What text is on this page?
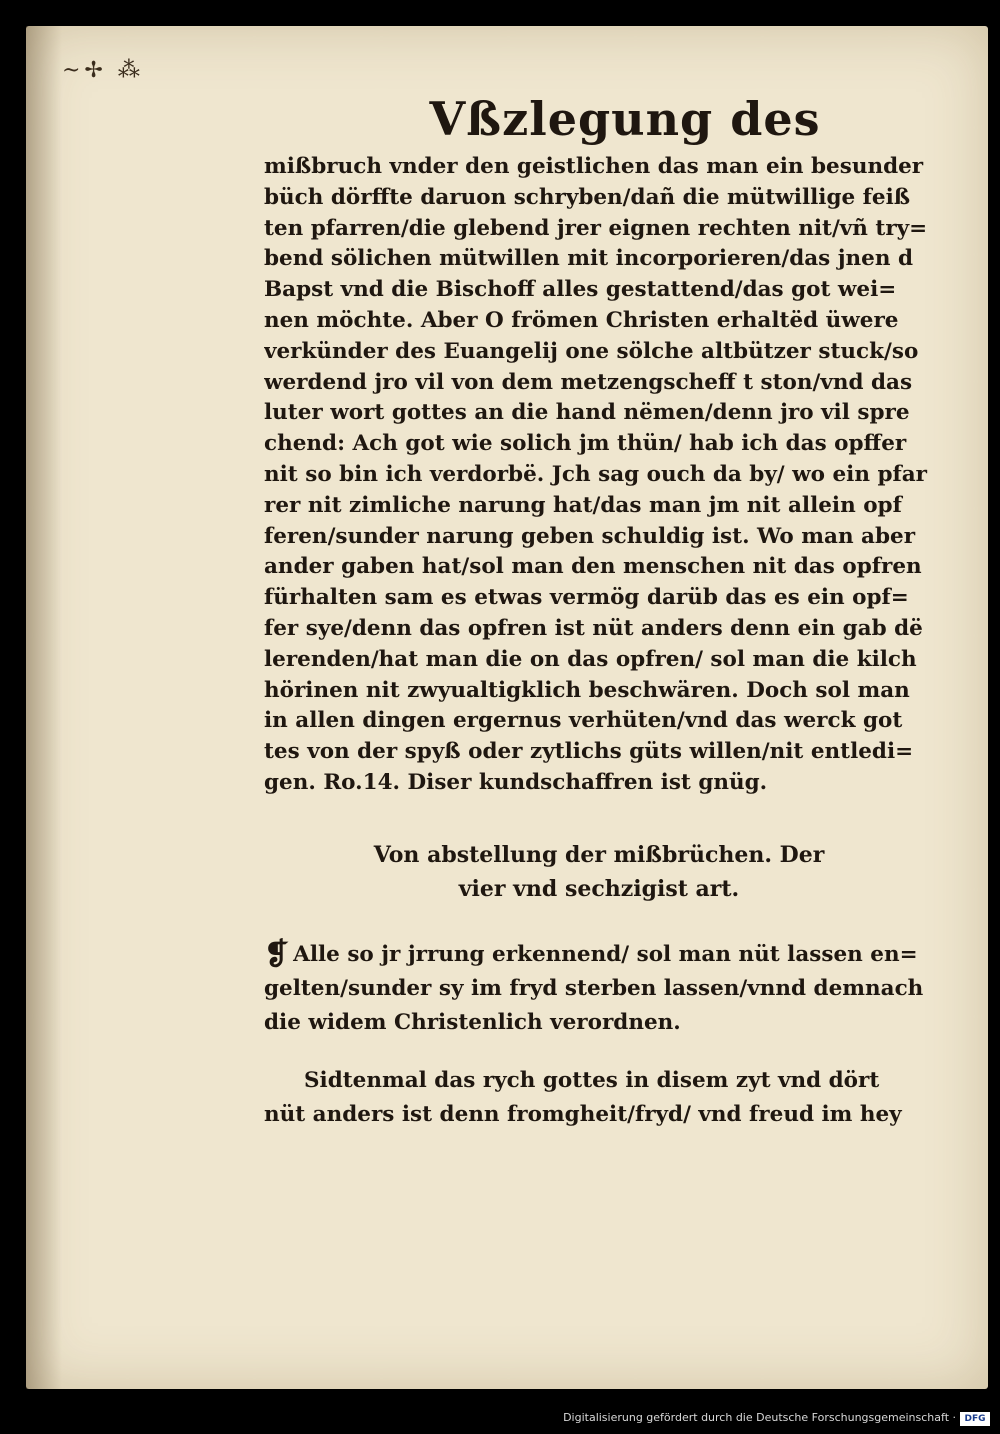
~✢ ⁂
Vßzlegung des
mißbruch vnder den geistlichen das man ein besunder
büch dörffte daruon schryben/dañ die mütwillige feiß
ten pfarren/die glebend jrer eignen rechten nit/vñ try=
bend sölichen mütwillen mit incorporieren/das jnen d
Bapst vnd die Bischoff alles gestattend/das got wei=
nen möchte. Aber O frömen Christen erhaltëd üwere
verkünder des Euangelij one sölche altbützer stuck/so
werdend jro vil von dem metzengscheff t ston/vnd das
luter wort gottes an die hand nëmen/denn jro vil spre
chend: Ach got wie solich jm thün/ hab ich das opffer
nit so bin ich verdorbë. Jch sag ouch da by/ wo ein pfar
rer nit zimliche narung hat/das man jm nit allein opf
feren/sunder narung geben schuldig ist. Wo man aber
ander gaben hat/sol man den menschen nit das opfren
fürhalten sam es etwas vermög darüb das es ein opf=
fer sye/denn das opfren ist nüt anders denn ein gab dë
lerenden/hat man die on das opfren/ sol man die kilch
hörinen nit zwyualtigklich beschwären. Doch sol man
in allen dingen ergernus verhüten/vnd das werck got
tes von der spyß oder zytlichs güts willen/nit entledi=
gen. Ro.14. Diser kundschaffren ist gnüg.
Von abstellung der mißbrüchen. Der
vier vnd sechzigist art.
❡ Alle so jr jrrung erkennend/ sol man nüt lassen en=
gelten/sunder sy im fryd sterben lassen/vnnd demnach
die widem Christenlich verordnen.
Sidtenmal das rych gottes in disem zyt vnd dört
nüt anders ist denn fromgheit/fryd/ vnd freud im hey
Digitalisierung gefördert durch die Deutsche Forschungsgemeinschaft · DFG
